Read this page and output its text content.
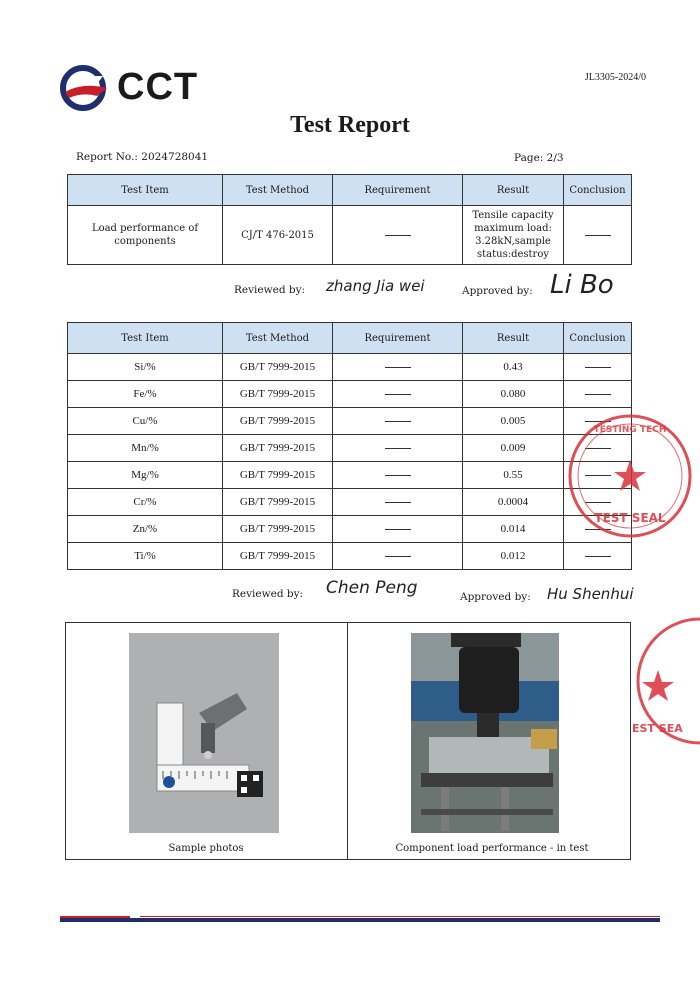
CCT	JL3305-2024/0
Test Report
Report No.: 2024728041	Page: 2/3
Test Item	Test Method	Requirement	Result	Conclusion
Load performance of components	CJ/T 476-2015		Tensile capacity maximum load: 3.28kN,sample status:destroy	
Reviewed by: zhang Jia wei	Approved by: Li Bo
Test Item	Test Method	Requirement	Result	Conclusion
Si/%	GB/T 7999-2015		0.43	
Fe/%	GB/T 7999-2015		0.080	
Cu/%	GB/T 7999-2015		0.005	
Mn/%	GB/T 7999-2015		0.009	
Mg/%	GB/T 7999-2015		0.55	
Cr/%	GB/T 7999-2015		0.0004	
Zn/%	GB/T 7999-2015		0.014	
Ti/%	GB/T 7999-2015		0.012	
TEST SEAL
TESTING TECH
Reviewed by: Chen Peng	Approved by: Hu Shenhui
Sample photos	Component load performance - in test
EST SEA
